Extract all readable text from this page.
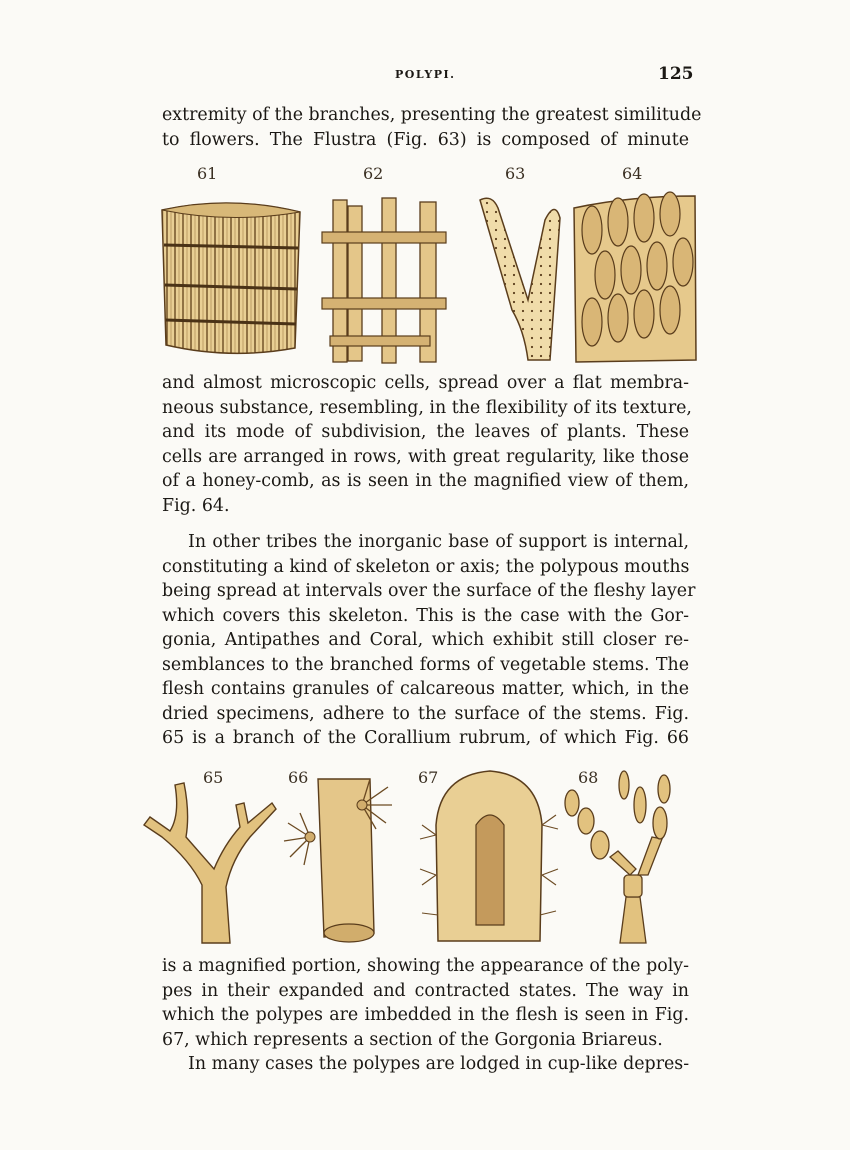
POLYPI.	125
extremity of the branches, presenting the greatest similitude
to flowers. The Flustra (Fig. 63) is composed of minute
61	62	63	64
and almost microscopic cells, spread over a flat membra-
neous substance, resembling, in the flexibility of its texture,
and its mode of subdivision, the leaves of plants. These
cells are arranged in rows, with great regularity, like those
of a honey-comb, as is seen in the magnified view of them,
Fig. 64.
In other tribes the inorganic base of support is internal,
constituting a kind of skeleton or axis; the polypous mouths
being spread at intervals over the surface of the fleshy layer
which covers this skeleton. This is the case with the Gor-
gonia, Antipathes and Coral, which exhibit still closer re-
semblances to the branched forms of vegetable stems. The
flesh contains granules of calcareous matter, which, in the
dried specimens, adhere to the surface of the stems. Fig.
65 is a branch of the Corallium rubrum, of which Fig. 66
65	66	67	68
is a magnified portion, showing the appearance of the poly-
pes in their expanded and contracted states. The way in
which the polypes are imbedded in the flesh is seen in Fig.
67, which represents a section of the Gorgonia Briareus.
In many cases the polypes are lodged in cup-like depres-
